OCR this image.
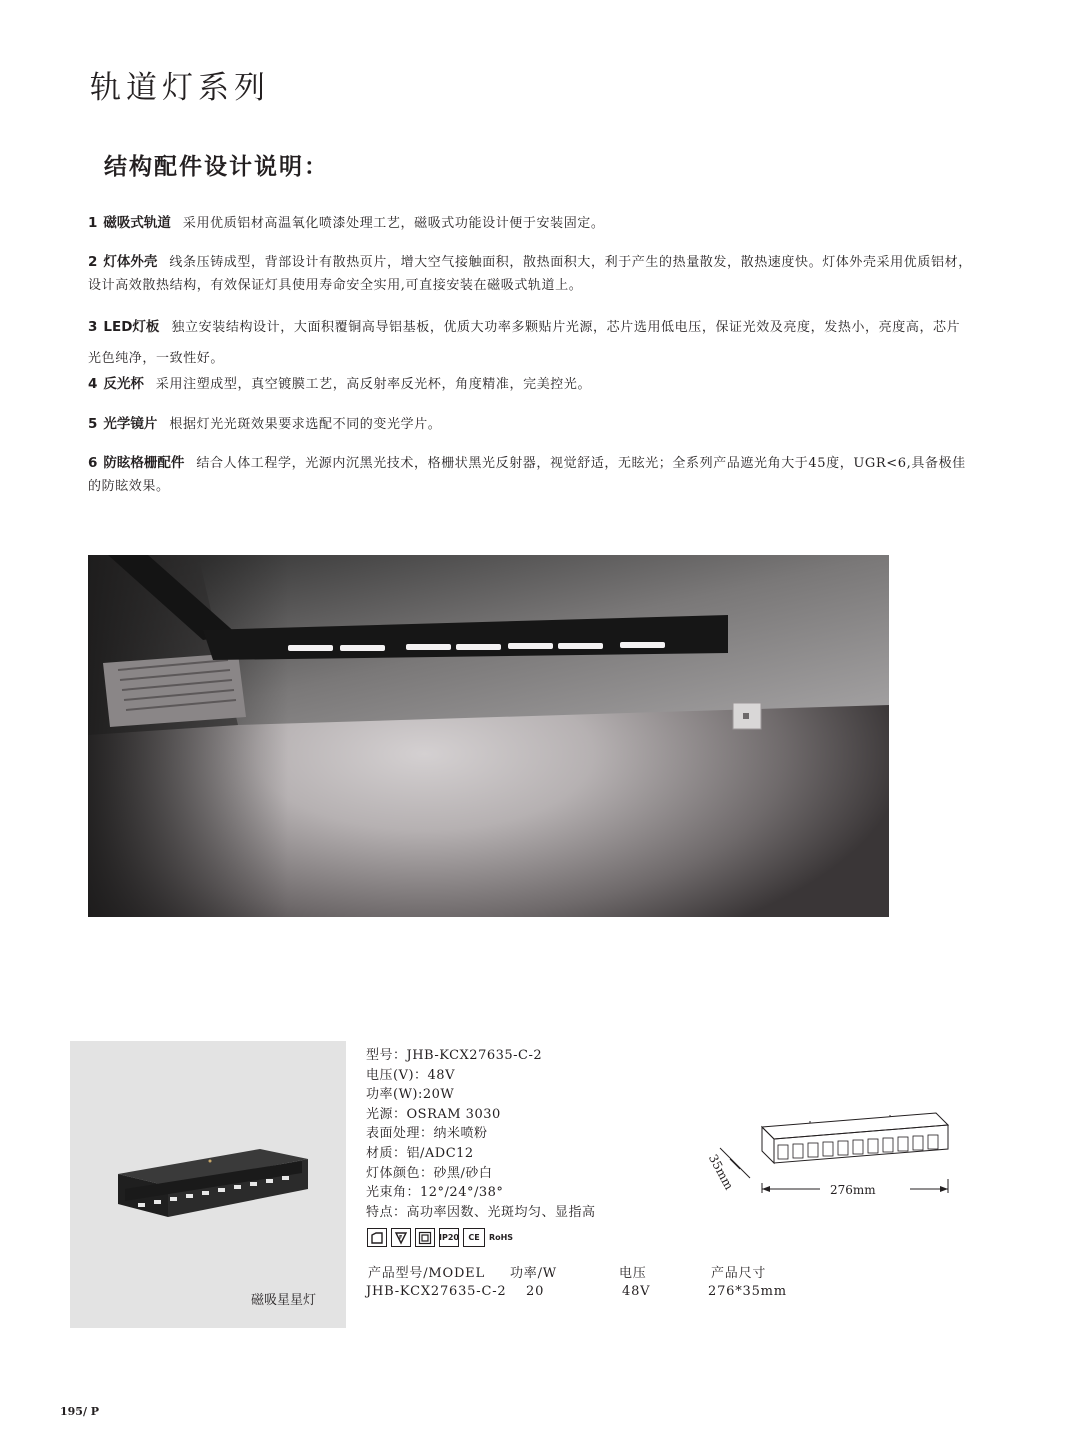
轨道灯系列
结构配件设计说明：
1 磁吸式轨道 采用优质铝材高温氧化喷漆处理工艺，磁吸式功能设计便于安装固定。
2 灯体外壳 线条压铸成型，背部设计有散热页片，增大空气接触面积，散热面积大，利于产生的热量散发，散热速度快。灯体外壳采用优质铝材，设计高效散热结构，有效保证灯具使用寿命安全实用,可直接安装在磁吸式轨道上。
3 LED灯板 独立安装结构设计，大面积覆铜高导铝基板，优质大功率多颗贴片光源，芯片选用低电压，保证光效及亮度，发热小，亮度高，芯片光色纯净，一致性好。
4 反光杯 采用注塑成型，真空镀膜工艺，高反射率反光杯，角度精准，完美控光。
5 光学镜片 根据灯光光斑效果要求选配不同的变光学片。
6 防眩格栅配件 结合人体工程学，光源内沉黑光技术，格栅状黑光反射器，视觉舒适，无眩光；全系列产品遮光角大于45度，UGR<6,具备极佳的防眩效果。
磁吸星星灯
型号：JHB-KCX27635-C-2
电压(V)：48V
功率(W):20W
光源：OSRAM 3030
表面处理：纳米喷粉
材质：铝/ADC12
灯体颜色：砂黑/砂白
光束角：12°/24°/38°
特点：高功率因数、光斑均匀、显指高
F	IP20	CE	RoHS
35mm	276mm
产品型号/MODEL 功率/W	电压	产品尺寸
JHB-KCX27635-C-2 20	48V	276*35mm
195/ P
